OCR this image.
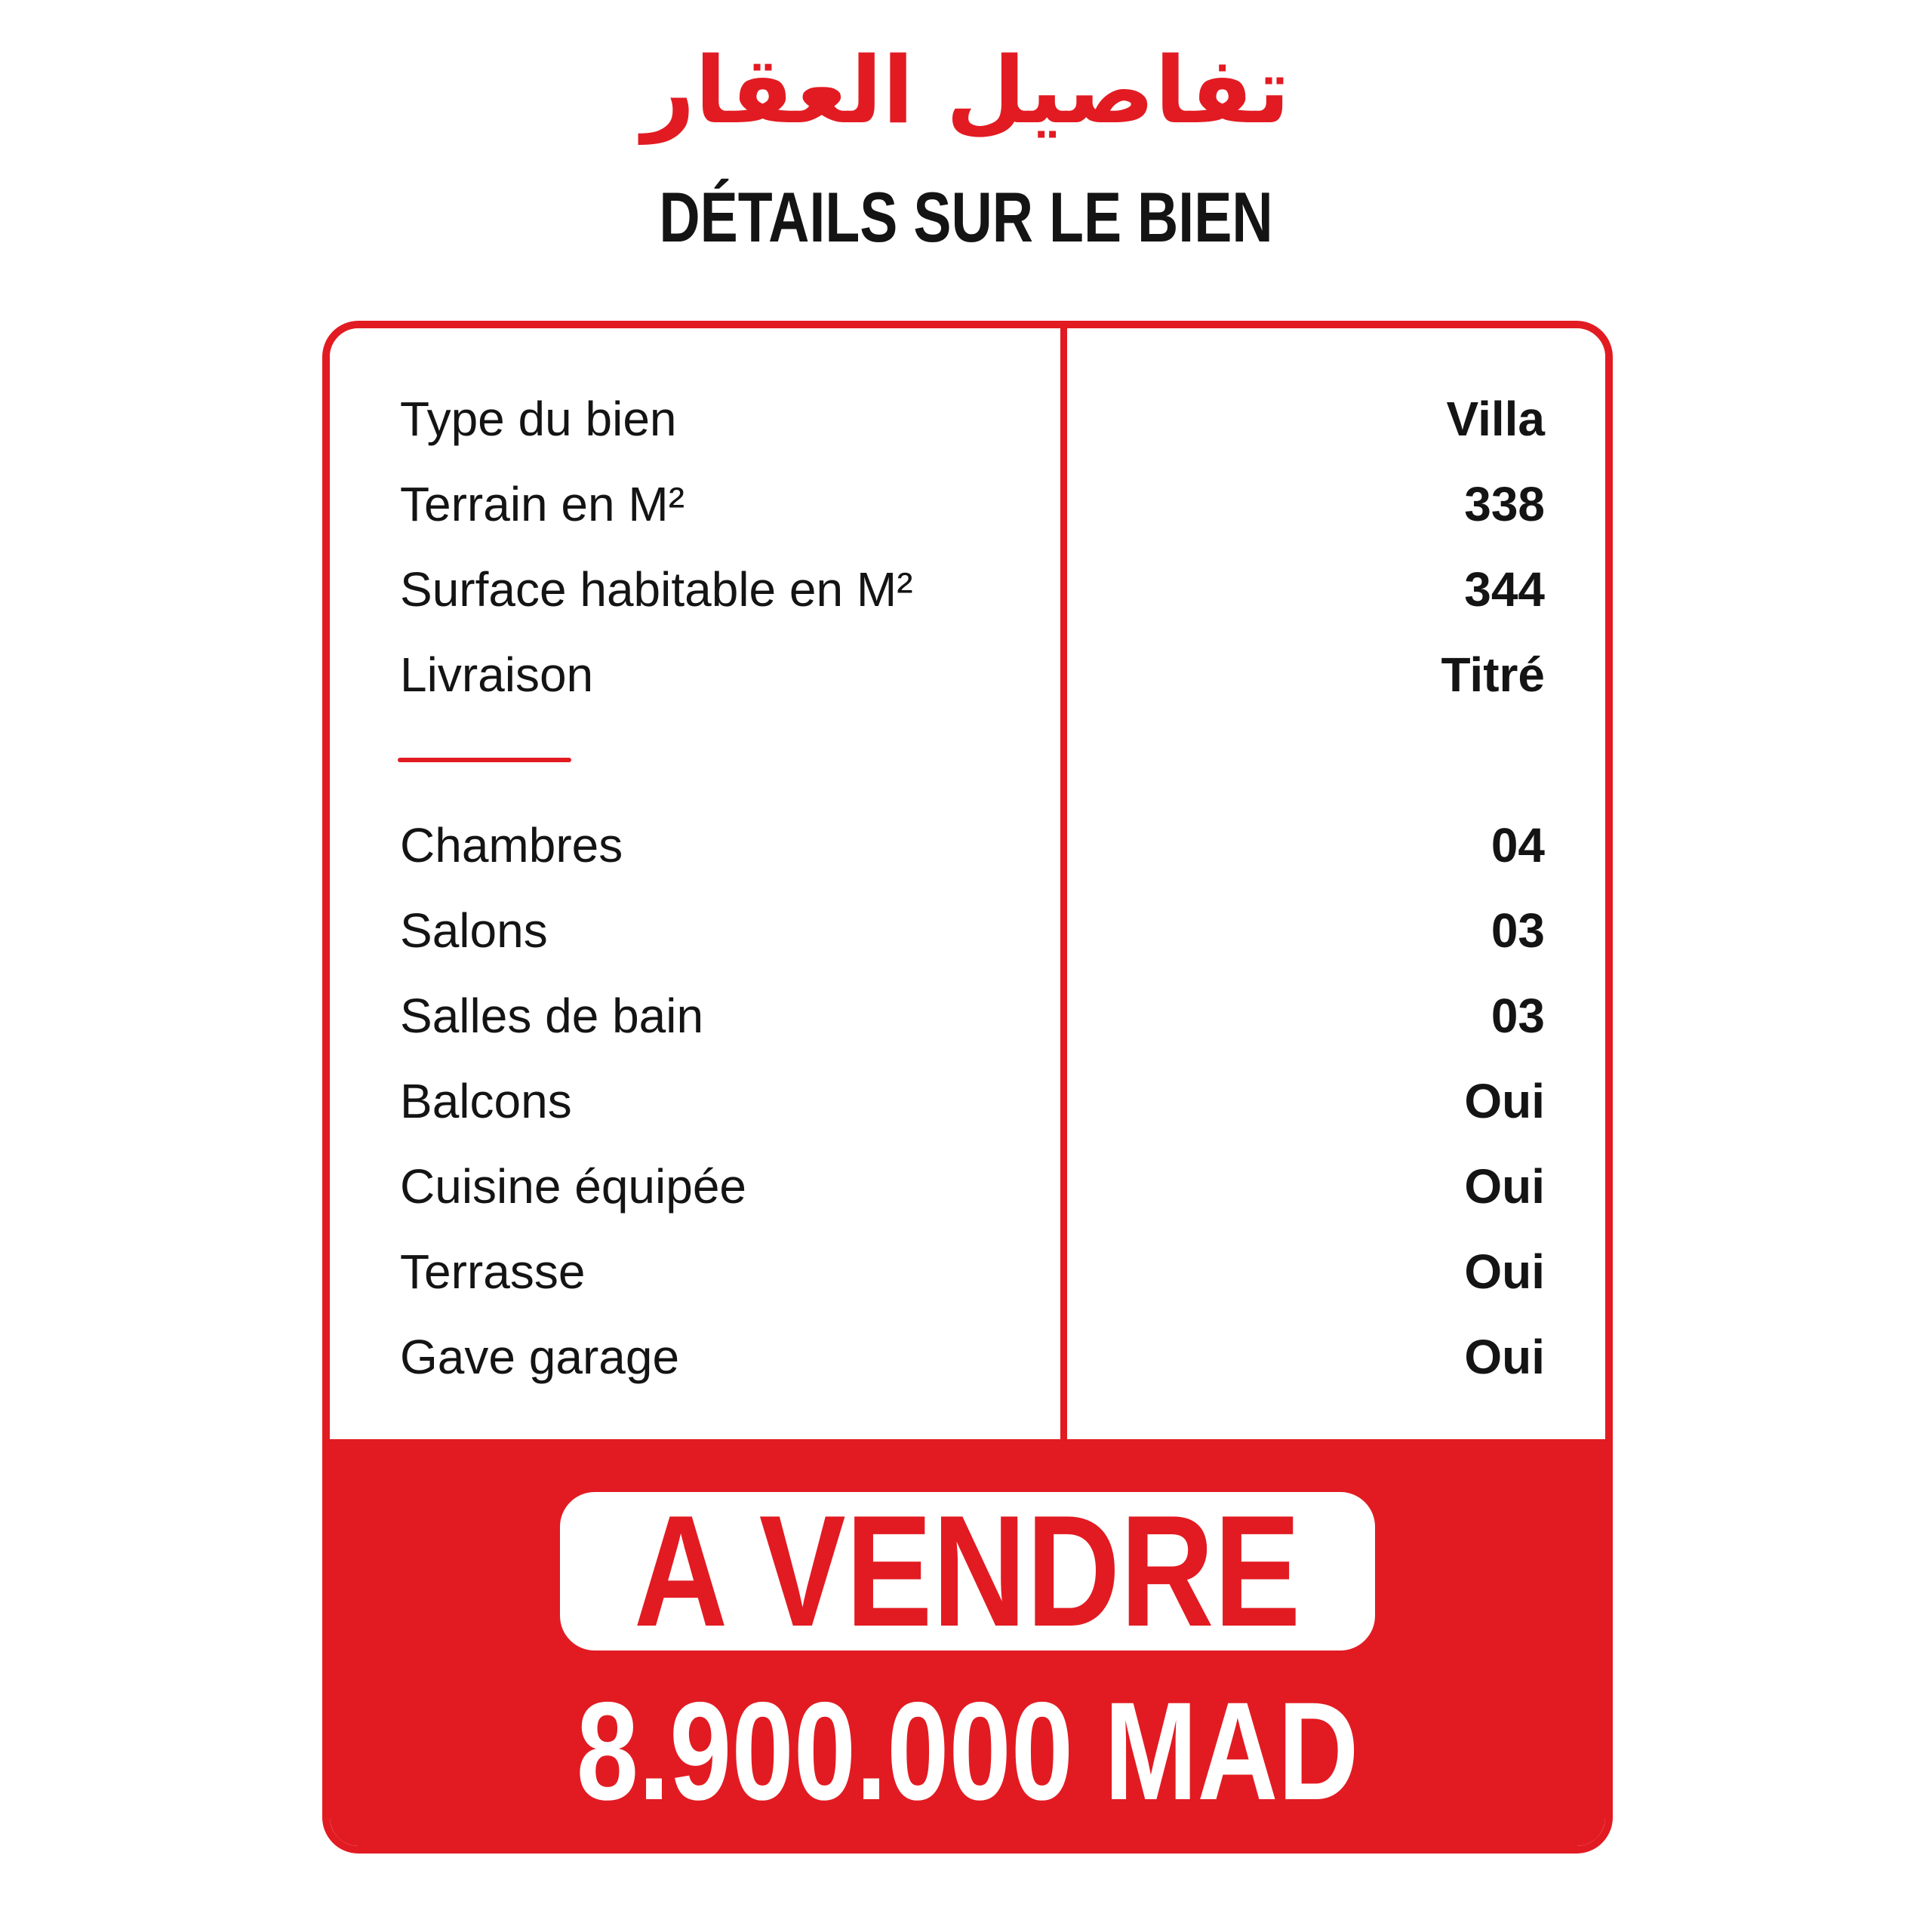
تفاصيل العقار
DÉTAILS SUR LE BIEN
Type du bien	Villa
Terrain en M²	338
Surface habitable en M²	344
Livraison	Titré
Chambres	04
Salons	03
Salles de bain	03
Balcons	Oui
Cuisine équipée	Oui
Terrasse	Oui
Gave garage	Oui
A VENDRE
8.900.000 MAD
